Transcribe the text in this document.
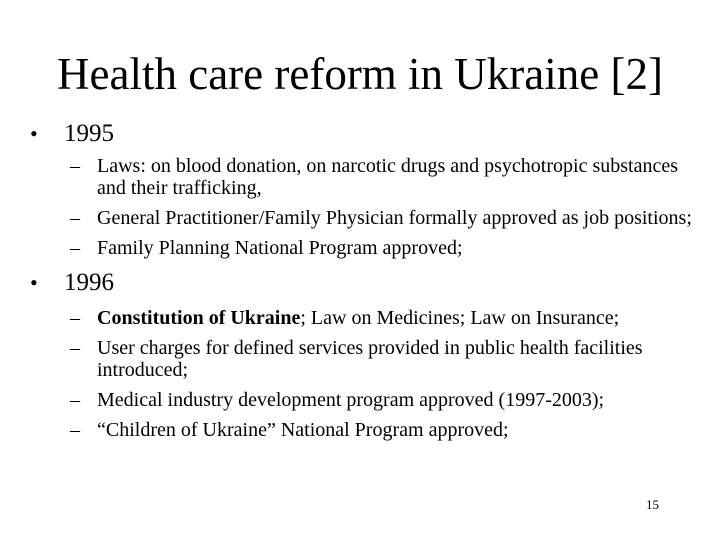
Health care reform in Ukraine [2]
• 1995
– Laws: on blood donation, on narcotic drugs and psychotropic substances and their trafficking,
– General Practitioner/Family Physician formally approved as job positions;
– Family Planning National Program approved;
• 1996
– Constitution of Ukraine; Law on Medicines; Law on Insurance;
– User charges for defined services provided in public health facilities introduced;
– Medical industry development program approved (1997-2003);
– “Children of Ukraine” National Program approved;
15
